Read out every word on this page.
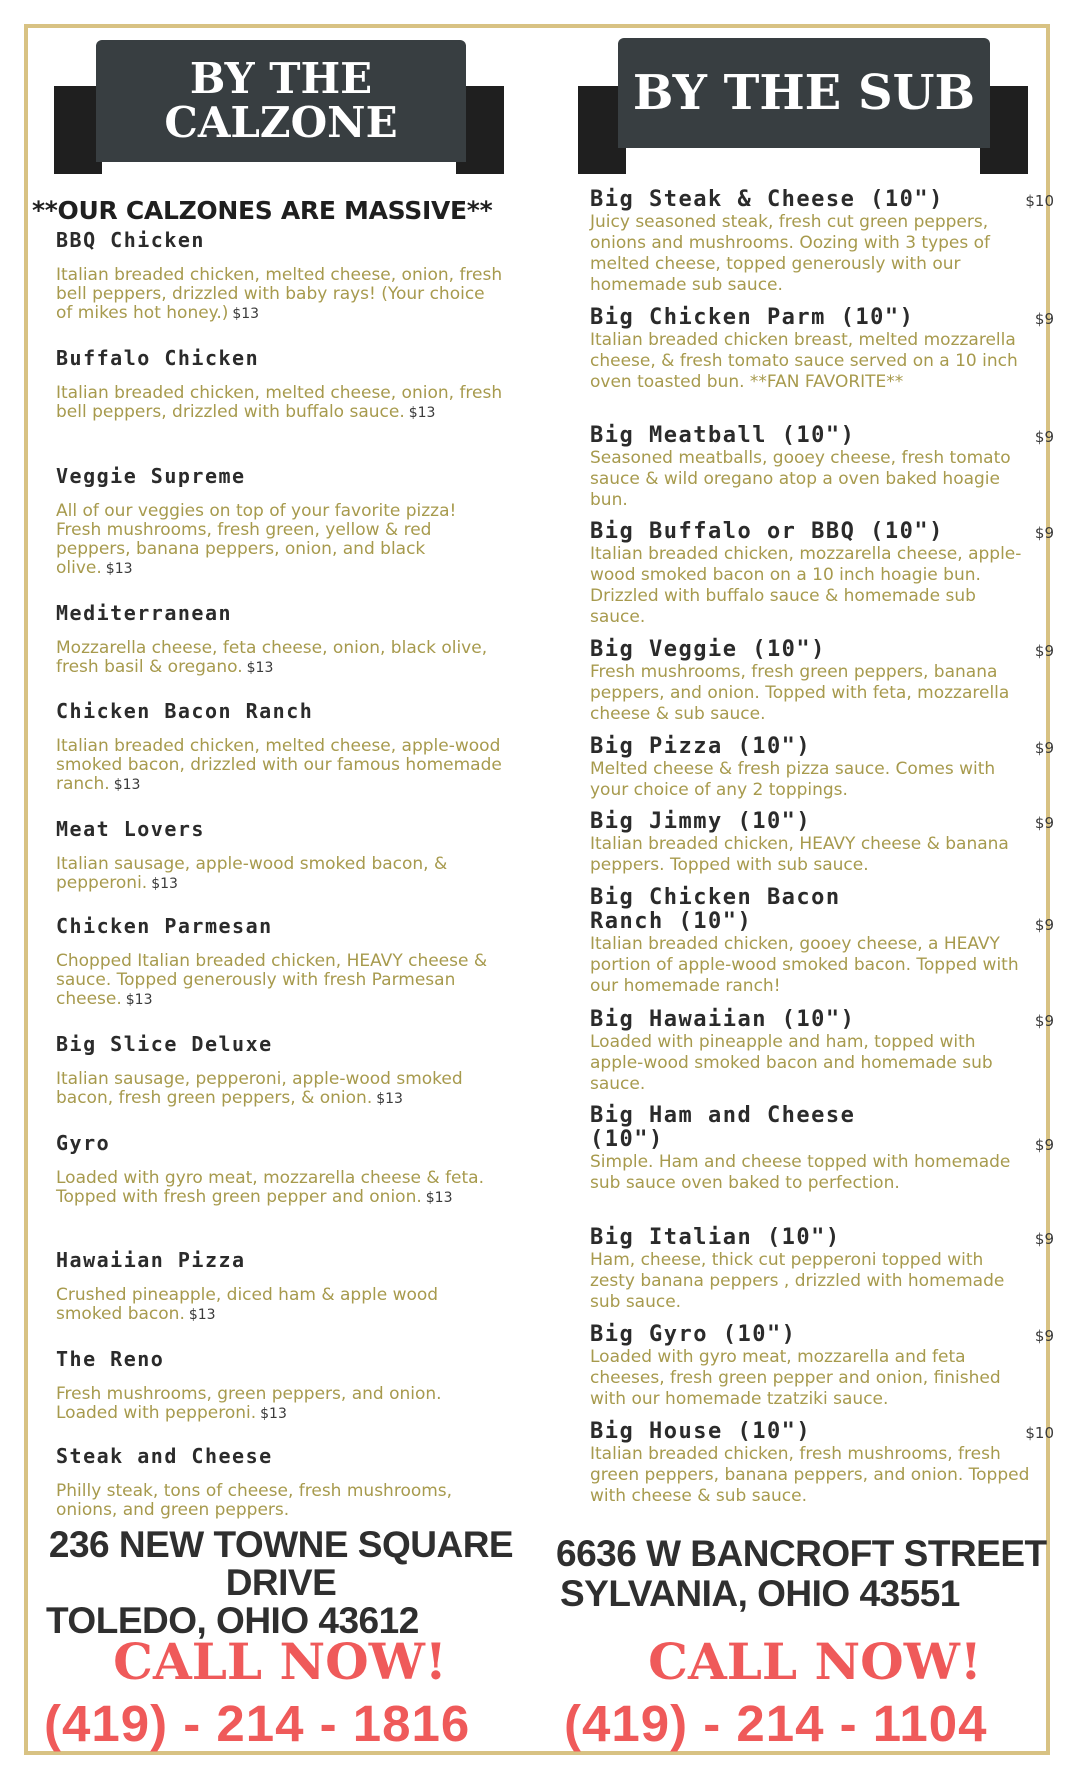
BY THE CALZONE
**OUR CALZONES ARE MASSIVE**

BBQ Chicken

Italian breaded chicken, melted cheese, onion, fresh bell peppers, drizzled with baby rays! (Your choice of mikes hot honey.) $13

Buffalo Chicken

Italian breaded chicken, melted cheese, onion, fresh bell peppers, drizzled with buffalo sauce. $13

Veggie Supreme

All of our veggies on top of your favorite pizza! Fresh mushrooms, fresh green, yellow & red peppers, banana peppers, onion, and black olive. $13

Mediterranean

Mozzarella cheese, feta cheese, onion, black olive, fresh basil & oregano. $13

Chicken Bacon Ranch

Italian breaded chicken, melted cheese, apple-wood smoked bacon, drizzled with our famous homemade ranch. $13

Meat Lovers

Italian sausage, apple-wood smoked bacon, & pepperoni. $13

Chicken Parmesan

Chopped Italian breaded chicken, HEAVY cheese & sauce. Topped generously with fresh Parmesan cheese. $13

Big Slice Deluxe

Italian sausage, pepperoni, apple-wood smoked bacon, fresh green peppers, & onion. $13

Gyro

Loaded with gyro meat, mozzarella cheese & feta. Topped with fresh green pepper and onion. $13

Hawaiian Pizza

Crushed pineapple, diced ham & apple wood smoked bacon. $13

The Reno

Fresh mushrooms, green peppers, and onion. Loaded with pepperoni. $13

Steak and Cheese

Philly steak, tons of cheese, fresh mushrooms, onions, and green peppers.

236 NEW TOWNE SQUARE
DRIVE
TOLEDO, OHIO 43612
CALL NOW!
(419) - 214 - 1816
BY THE SUB

Big Steak & Cheese (10")	$10

Juicy seasoned steak, fresh cut green peppers, onions and mushrooms. Oozing with 3 types of melted cheese, topped generously with our homemade sub sauce.

Big Chicken Parm (10")	$9

Italian breaded chicken breast, melted mozzarella cheese, & fresh tomato sauce served on a 10 inch oven toasted bun. **FAN FAVORITE**

Big Meatball (10")	$9

Seasoned meatballs, gooey cheese, fresh tomato sauce & wild oregano atop a oven baked hoagie bun.

Big Buffalo or BBQ (10")	$9

Italian breaded chicken, mozzarella cheese, apple-wood smoked bacon on a 10 inch hoagie bun. Drizzled with buffalo sauce & homemade sub sauce.

Big Veggie (10")	$9

Fresh mushrooms, fresh green peppers, banana peppers, and onion. Topped with feta, mozzarella cheese & sub sauce.

Big Pizza (10")	$9

Melted cheese & fresh pizza sauce. Comes with your choice of any 2 toppings.

Big Jimmy (10")	$9

Italian breaded chicken, HEAVY cheese & banana peppers. Topped with sub sauce.

Big Chicken Bacon Ranch (10")	$9

Italian breaded chicken, gooey cheese, a HEAVY portion of apple-wood smoked bacon. Topped with our homemade ranch!

Big Hawaiian (10")	$9

Loaded with pineapple and ham, topped with apple-wood smoked bacon and homemade sub sauce.

Big Ham and Cheese (10")	$9

Simple. Ham and cheese topped with homemade sub sauce oven baked to perfection.

Big Italian (10")	$9

Ham, cheese, thick cut pepperoni topped with zesty banana peppers , drizzled with homemade sub sauce.

Big Gyro (10")	$9

Loaded with gyro meat, mozzarella and feta cheeses, fresh green pepper and onion, finished with our homemade tzatziki sauce.

Big House (10")	$10

Italian breaded chicken, fresh mushrooms, fresh green peppers, banana peppers, and onion. Topped with cheese & sub sauce.

6636 W BANCROFT STREET
SYLVANIA, OHIO 43551
CALL NOW!
(419) - 214 - 1104
